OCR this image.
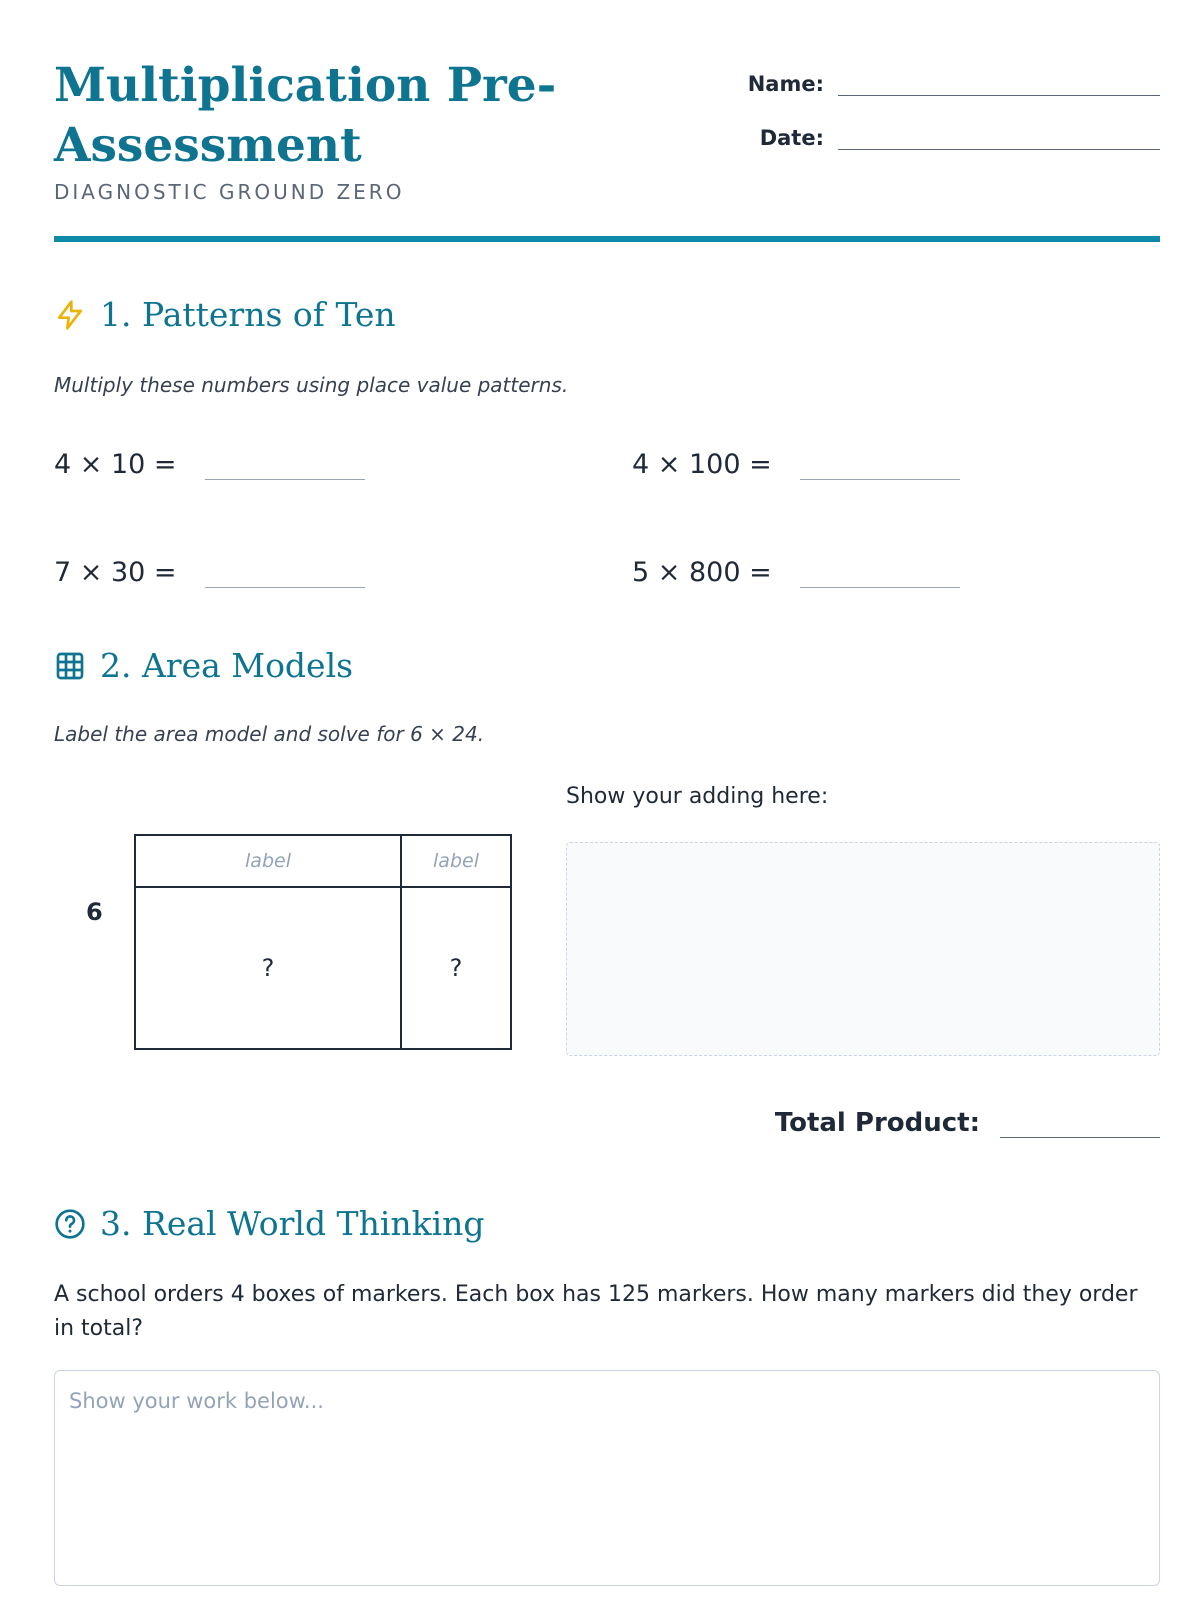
Multiplication Pre-Assessment
DIAGNOSTIC GROUND ZERO
Name:
Date:
1. Patterns of Ten
Multiply these numbers using place value patterns.
4 × 10 =	4 × 100 =
7 × 30 =	5 × 800 =
2. Area Models
Label the area model and solve for 6 × 24.
6
label	label
?	?
Show your adding here:
Total Product:
3. Real World Thinking
A school orders 4 boxes of markers. Each box has 125 markers. How many markers did they order in total?
Show your work below...
